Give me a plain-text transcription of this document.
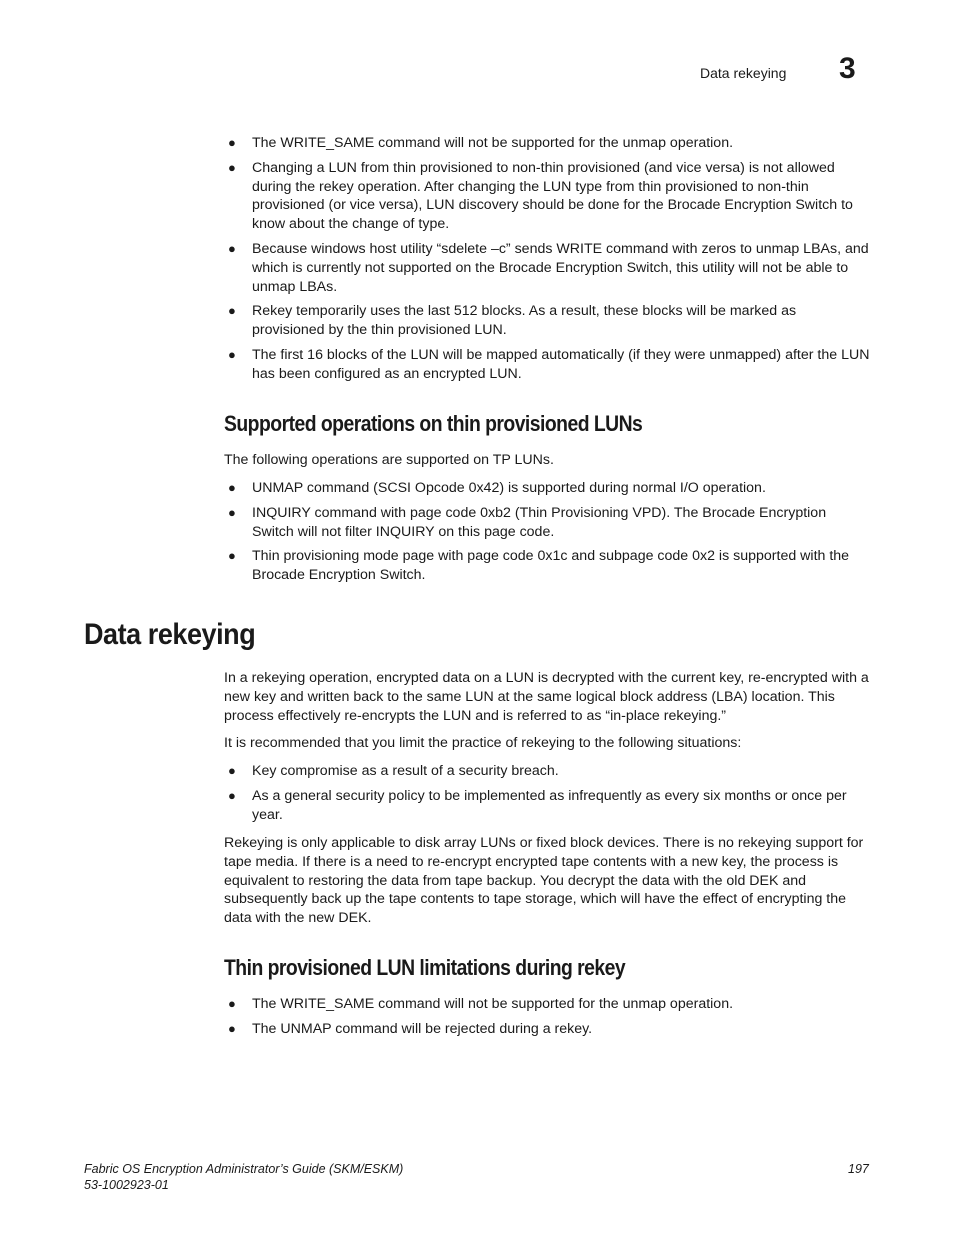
Data rekeying 3
● The WRITE_SAME command will not be supported for the unmap operation.
● Changing a LUN from thin provisioned to non-thin provisioned (and vice versa) is not allowed during the rekey operation. After changing the LUN type from thin provisioned to non-thin provisioned (or vice versa), LUN discovery should be done for the Brocade Encryption Switch to know about the change of type.
● Because windows host utility “sdelete –c” sends WRITE command with zeros to unmap LBAs, and which is currently not supported on the Brocade Encryption Switch, this utility will not be able to unmap LBAs.
● Rekey temporarily uses the last 512 blocks. As a result, these blocks will be marked as provisioned by the thin provisioned LUN.
● The first 16 blocks of the LUN will be mapped automatically (if they were unmapped) after the LUN has been configured as an encrypted LUN.
Supported operations on thin provisioned LUNs

The following operations are supported on TP LUNs.

● UNMAP command (SCSI Opcode 0x42) is supported during normal I/O operation.
● INQUIRY command with page code 0xb2 (Thin Provisioning VPD). The Brocade Encryption Switch will not filter INQUIRY on this page code.
● Thin provisioning mode page with page code 0x1c and subpage code 0x2 is supported with the Brocade Encryption Switch.
Data rekeying

In a rekeying operation, encrypted data on a LUN is decrypted with the current key, re-encrypted with a new key and written back to the same LUN at the same logical block address (LBA) location. This process effectively re-encrypts the LUN and is referred to as “in-place rekeying.”

It is recommended that you limit the practice of rekeying to the following situations:

● Key compromise as a result of a security breach.
● As a general security policy to be implemented as infrequently as every six months or once per year.

Rekeying is only applicable to disk array LUNs or fixed block devices. There is no rekeying support for tape media. If there is a need to re-encrypt encrypted tape contents with a new key, the process is equivalent to restoring the data from tape backup. You decrypt the data with the old DEK and subsequently back up the tape contents to tape storage, which will have the effect of encrypting the data with the new DEK.

Thin provisioned LUN limitations during rekey
● The WRITE_SAME command will not be supported for the unmap operation.
● The UNMAP command will be rejected during a rekey.
Fabric OS Encryption Administrator’s Guide (SKM/ESKM)
53-1002923-01
197
